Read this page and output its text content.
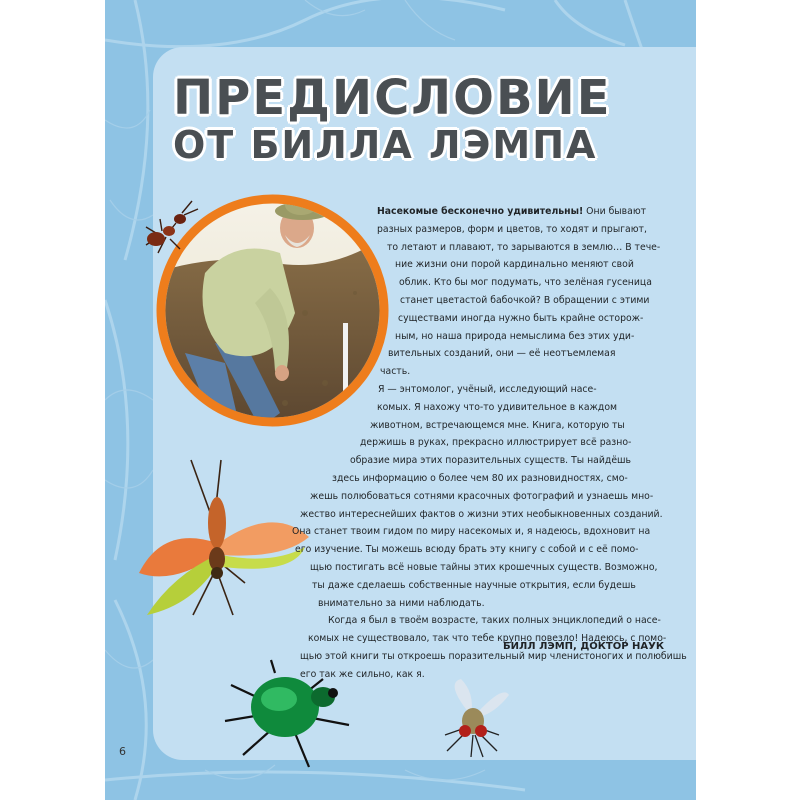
ПРЕДИСЛОВИЕ
ОТ БИЛЛА ЛЭМПА
Насекомые бесконечно удивительны! Они бывают
разных размеров, форм и цветов, то ходят и прыгают,
то летают и плавают, то зарываются в землю… В тече-
ние жизни они порой кардинально меняют свой
облик. Кто бы мог подумать, что зелёная гусеница
станет цветастой бабочкой? В обращении с этими
существами иногда нужно быть крайне осторож-
ным, но наша природа немыслима без этих уди-
вительных созданий, они — её неотъемлемая
часть.
Я — энтомолог, учёный, исследующий насе-
комых. Я нахожу что-то удивительное в каждом
животном, встречающемся мне. Книга, которую ты
держишь в руках, прекрасно иллюстрирует всё разно-
образие мира этих поразительных существ. Ты найдёшь
здесь информацию о более чем 80 их разновидностях, смо-
жешь полюбоваться сотнями красочных фотографий и узнаешь мно-
жество интереснейших фактов о жизни этих необыкновенных созданий.
Она станет твоим гидом по миру насекомых и, я надеюсь, вдохновит на
его изучение. Ты можешь всюду брать эту книгу с собой и с её помо-
щью постигать всё новые тайны этих крошечных существ. Возможно,
ты даже сделаешь собственные научные открытия, если будешь
внимательно за ними наблюдать.
Когда я был в твоём возрасте, таких полных энциклопедий о насе-
комых не существовало, так что тебе крупно повезло! Надеюсь, с помо-
щью этой книги ты откроешь поразительный мир членистоногих и полюбишь
его так же сильно, как я.
БИЛЛ ЛЭМП, ДОКТОР НАУК
6
